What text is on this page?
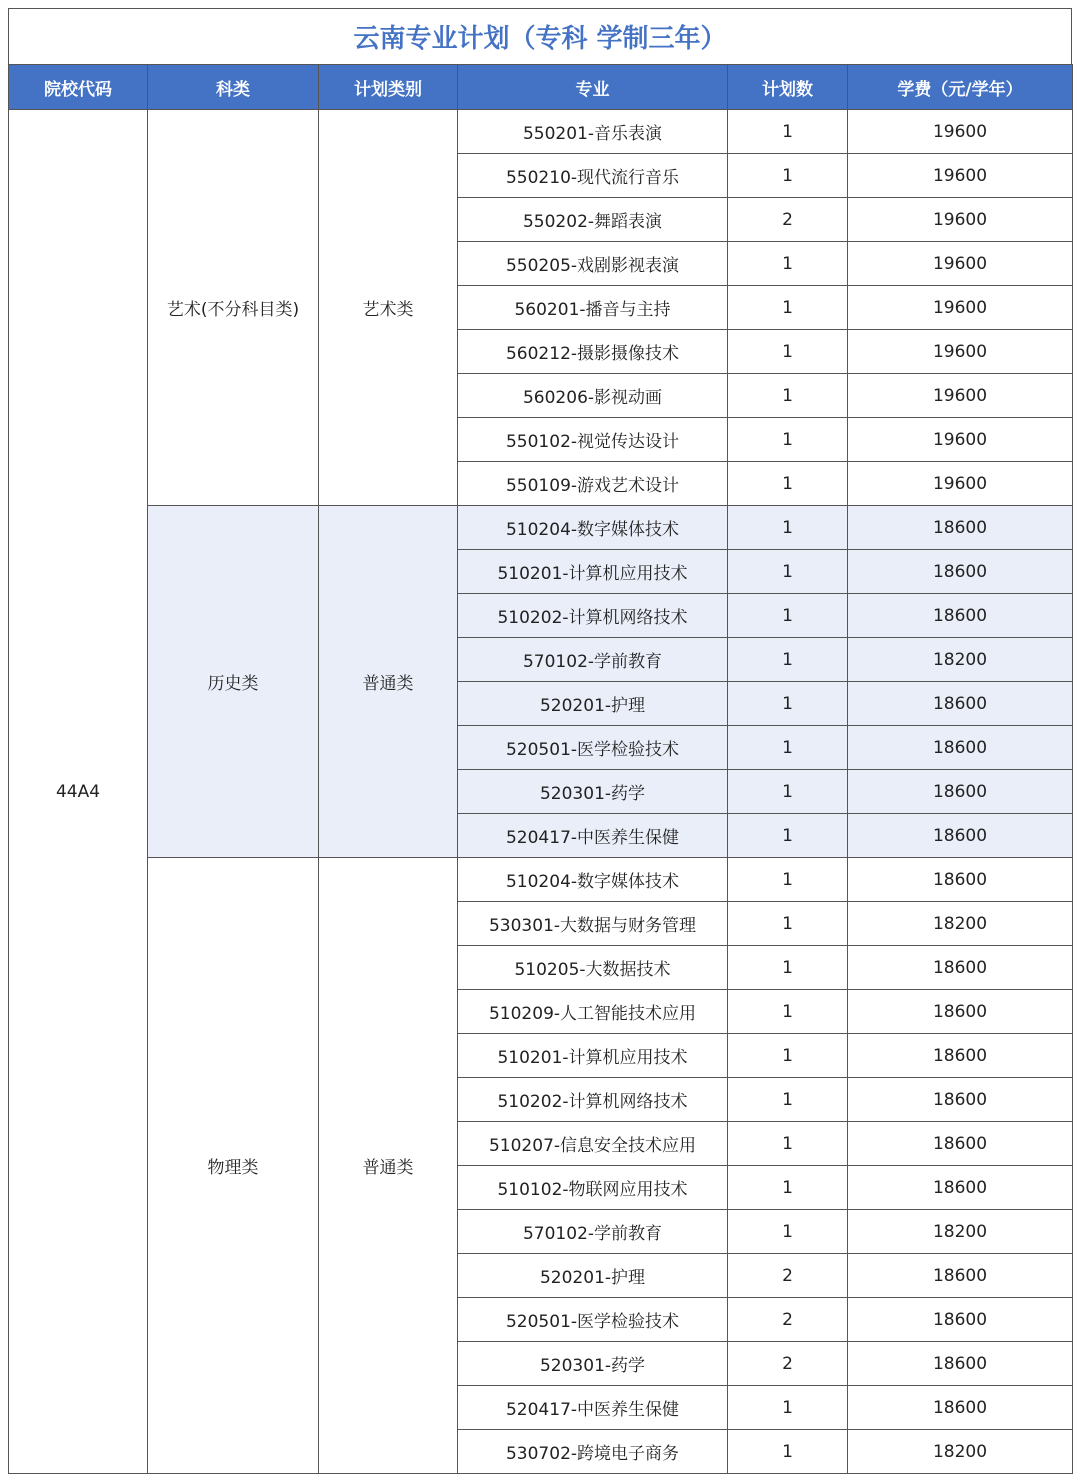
云南专业计划（专科 学制三年）
院校代码	科类	计划类别	专业	计划数	学费（元/学年）
44A4	艺术(不分科目类)	艺术类	550201-音乐表演	1	19600
			550210-现代流行音乐	1	19600
			550202-舞蹈表演	2	19600
			550205-戏剧影视表演	1	19600
			560201-播音与主持	1	19600
			560212-摄影摄像技术	1	19600
			560206-影视动画	1	19600
			550102-视觉传达设计	1	19600
			550109-游戏艺术设计	1	19600
	历史类	普通类	510204-数字媒体技术	1	18600
			510201-计算机应用技术	1	18600
			510202-计算机网络技术	1	18600
			570102-学前教育	1	18200
			520201-护理	1	18600
			520501-医学检验技术	1	18600
			520301-药学	1	18600
			520417-中医养生保健	1	18600
	物理类	普通类	510204-数字媒体技术	1	18600
			530301-大数据与财务管理	1	18200
			510205-大数据技术	1	18600
			510209-人工智能技术应用	1	18600
			510201-计算机应用技术	1	18600
			510202-计算机网络技术	1	18600
			510207-信息安全技术应用	1	18600
			510102-物联网应用技术	1	18600
			570102-学前教育	1	18200
			520201-护理	2	18600
			520501-医学检验技术	2	18600
			520301-药学	2	18600
			520417-中医养生保健	1	18600
			530702-跨境电子商务	1	18200
